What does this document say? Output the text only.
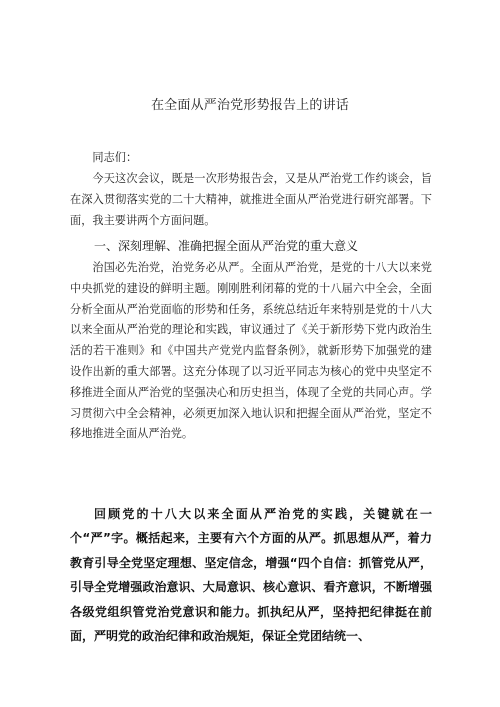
在全面从严治党形势报告上的讲话

同志们：

今天这次会议，既是一次形势报告会，又是从严治党工作约谈会，旨在深入贯彻落实党的二十大精神，就推进全面从严治党进行研究部署。下面，我主要讲两个方面问题。

一、深刻理解、准确把握全面从严治党的重大意义

治国必先治党，治党务必从严。全面从严治党，是党的十八大以来党中央抓党的建设的鲜明主题。刚刚胜利闭幕的党的十八届六中全会，全面分析全面从严治党面临的形势和任务，系统总结近年来特别是党的十八大以来全面从严治党的理论和实践，审议通过了《关于新形势下党内政治生活的若干准则》和《中国共产党党内监督条例》，就新形势下加强党的建设作出新的重大部署。这充分体现了以习近平同志为核心的党中央坚定不移推进全面从严治党的坚强决心和历史担当，体现了全党的共同心声。学习贯彻六中全会精神，必须更加深入地认识和把握全面从严治党，坚定不移地推进全面从严治党。

回顾党的十八大以来全面从严治党的实践，关键就在一个“严”字。概括起来，主要有六个方面的从严。抓思想从严，着力教育引导全党坚定理想、坚定信念，增强“四个自信：抓管党从严，引导全党增强政治意识、大局意识、核心意识、看齐意识，不断增强各级党组织管党治党意识和能力。抓执纪从严，坚持把纪律挺在前面，严明党的政治纪律和政治规矩，保证全党团结统一、
